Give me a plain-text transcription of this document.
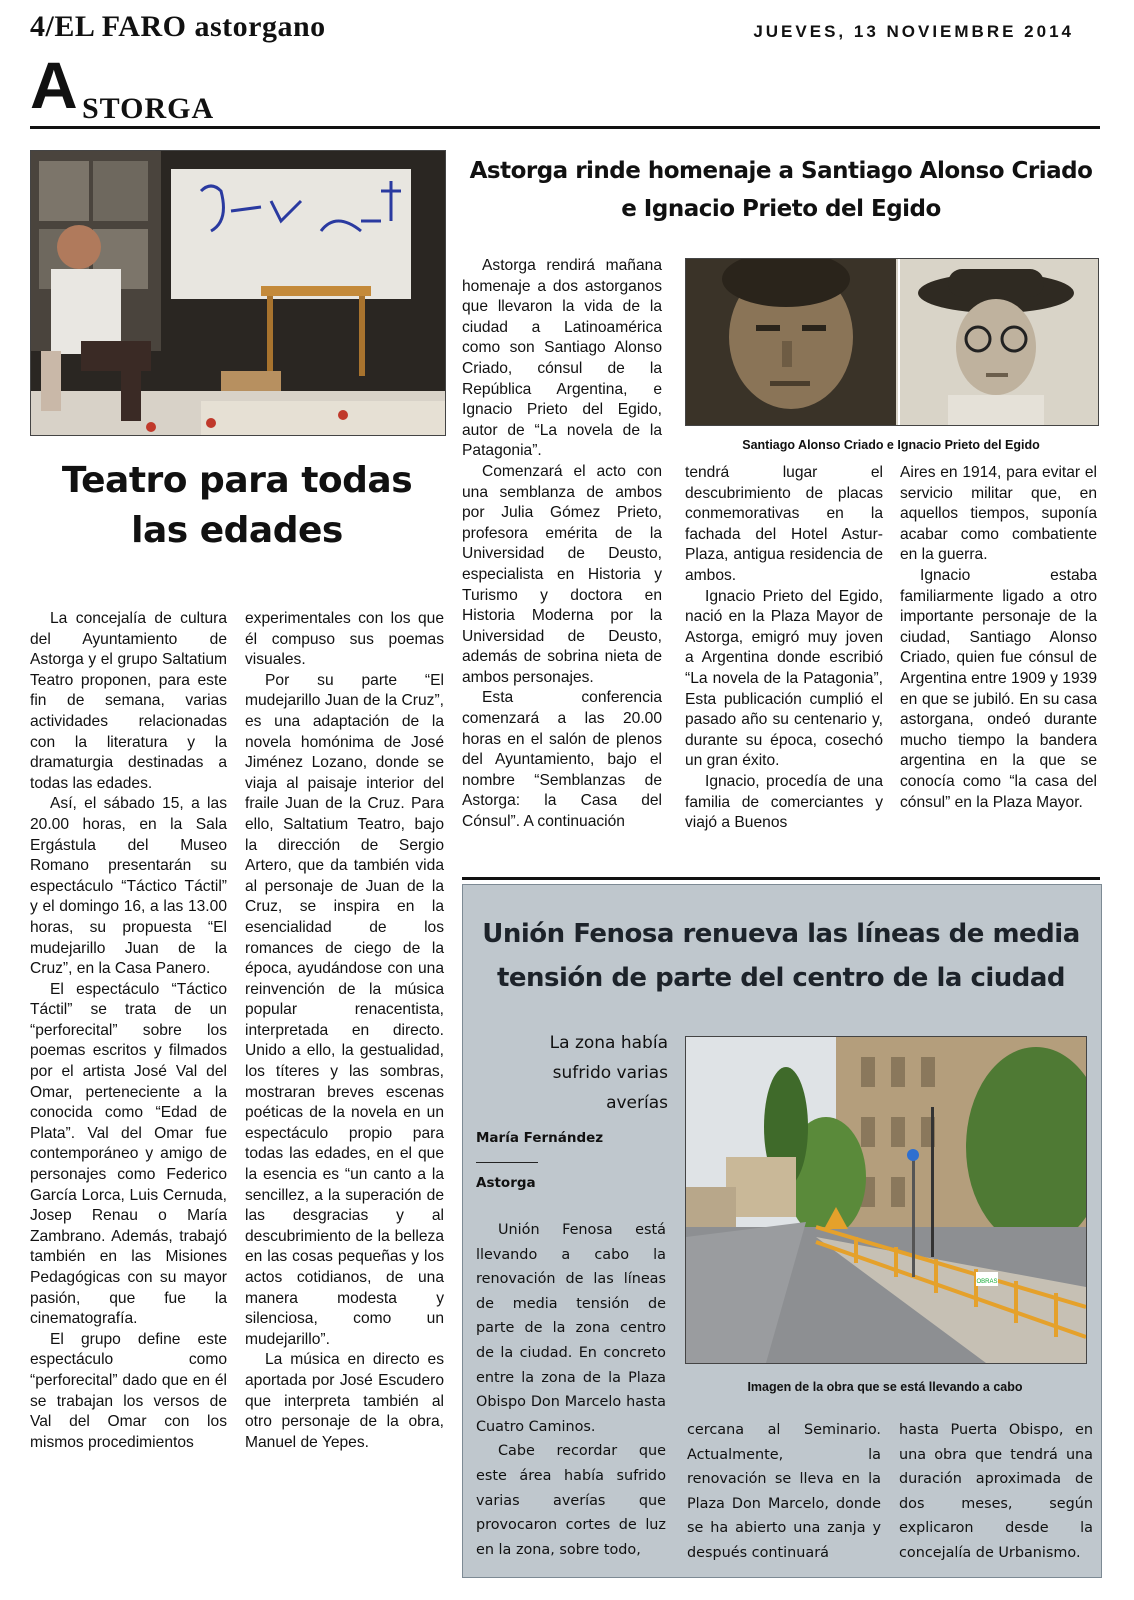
4/EL FARO astorgano	JUEVES, 13 NOVIEMBRE 2014
A STORGA
Teatro para todas
las edades

La concejalía de cultura del Ayuntamiento de Astorga y el grupo Saltatium Teatro proponen, para este fin de semana, varias actividades relacionadas con la literatura y la dramaturgia destinadas a todas las edades.

Así, el sábado 15, a las 20.00 horas, en la Sala Ergástula del Museo Romano presentarán su espectáculo “Táctico Táctil” y el domingo 16, a las 13.00 horas, su propuesta “El mudejarillo Juan de la Cruz”, en la Casa Panero.

El espectáculo “Táctico Táctil” se trata de un “perforecital” sobre los poemas escritos y filmados por el artista José Val del Omar, perteneciente a la conocida como “Edad de Plata”. Val del Omar fue contemporáneo y amigo de personajes como Federico García Lorca, Luis Cernuda, Josep Renau o María Zambrano. Además, trabajó también en las Misiones Pedagógicas con su mayor pasión, que fue la cinematografía.

El grupo define este espectáculo como “perforecital” dado que en él se trabajan los versos de Val del Omar con los mismos procedimientos

experimentales con los que él compuso sus poemas visuales.

Por su parte “El mudejarillo Juan de la Cruz”, es una adaptación de la novela homónima de José Jiménez Lozano, donde se viaja al paisaje interior del fraile Juan de la Cruz. Para ello, Saltatium Teatro, bajo la dirección de Sergio Artero, que da también vida al personaje de Juan de la Cruz, se inspira en la esencialidad de los romances de ciego de la época, ayudándose con una reinvención de la música popular renacentista, interpretada en directo. Unido a ello, la gestualidad, los títeres y las sombras, mostraran breves escenas poéticas de la novela en un espectáculo propio para todas las edades, en el que la esencia es “un canto a la sencillez, a la superación de las desgracias y al descubrimiento de la belleza en las cosas pequeñas y los actos cotidianos, de una manera modesta y silenciosa, como un mudejarillo”.

La música en directo es aportada por José Escudero que interpreta también al otro personaje de la obra, Manuel de Yepes.

Astorga rinde homenaje a Santiago Alonso Criado
e Ignacio Prieto del Egido
Santiago Alonso Criado e Ignacio Prieto del Egido

Astorga rendirá mañana homenaje a dos astorganos que llevaron la vida de la ciudad a Latinoamérica como son Santiago Alonso Criado, cónsul de la República Argentina, e Ignacio Prieto del Egido, autor de “La novela de la Patagonia”.

Comenzará el acto con una semblanza de ambos por Julia Gómez Prieto, profesora emérita de la Universidad de Deusto, especialista en Historia y Turismo y doctora en Historia Moderna por la Universidad de Deusto, además de sobrina nieta de ambos personajes.

Esta conferencia comenzará a las 20.00 horas en el salón de plenos del Ayuntamiento, bajo el nombre “Semblanzas de Astorga: la Casa del Cónsul”. A continuación

tendrá lugar el descubrimiento de placas conmemorativas en la fachada del Hotel Astur-Plaza, antigua residencia de ambos.

Ignacio Prieto del Egido, nació en la Plaza Mayor de Astorga, emigró muy joven a Argentina donde escribió “La novela de la Patagonia”, Esta publicación cumplió el pasado año su centenario y, durante su época, cosechó un gran éxito.

Ignacio, procedía de una familia de comerciantes y viajó a Buenos

Aires en 1914, para evitar el servicio militar que, en aquellos tiempos, suponía acabar como combatiente en la guerra.

Ignacio estaba familiarmente ligado a otro importante personaje de la ciudad, Santiago Alonso Criado, quien fue cónsul de Argentina entre 1909 y 1939 en que se jubiló. En su casa astorgana, ondeó durante mucho tiempo la bandera argentina en la que se conocía como “la casa del cónsul” en la Plaza Mayor.

Unión Fenosa renueva las líneas de media
tensión de parte del centro de la ciudad
La zona había
sufrido varias
averías
María Fernández
Astorga
OBRAS
Imagen de la obra que se está llevando a cabo

Unión Fenosa está llevando a cabo la renovación de las líneas de media tensión de parte de la zona centro de la ciudad. En concreto entre la zona de la Plaza Obispo Don Marcelo hasta Cuatro Caminos.

Cabe recordar que este área había sufrido varias averías que provocaron cortes de luz en la zona, sobre todo,

cercana al Seminario. Actualmente, la renovación se lleva en la Plaza Don Marcelo, donde se ha abierto una zanja y después continuará

hasta Puerta Obispo, en una obra que tendrá una duración aproximada de dos meses, según explicaron desde la concejalía de Urbanismo.
